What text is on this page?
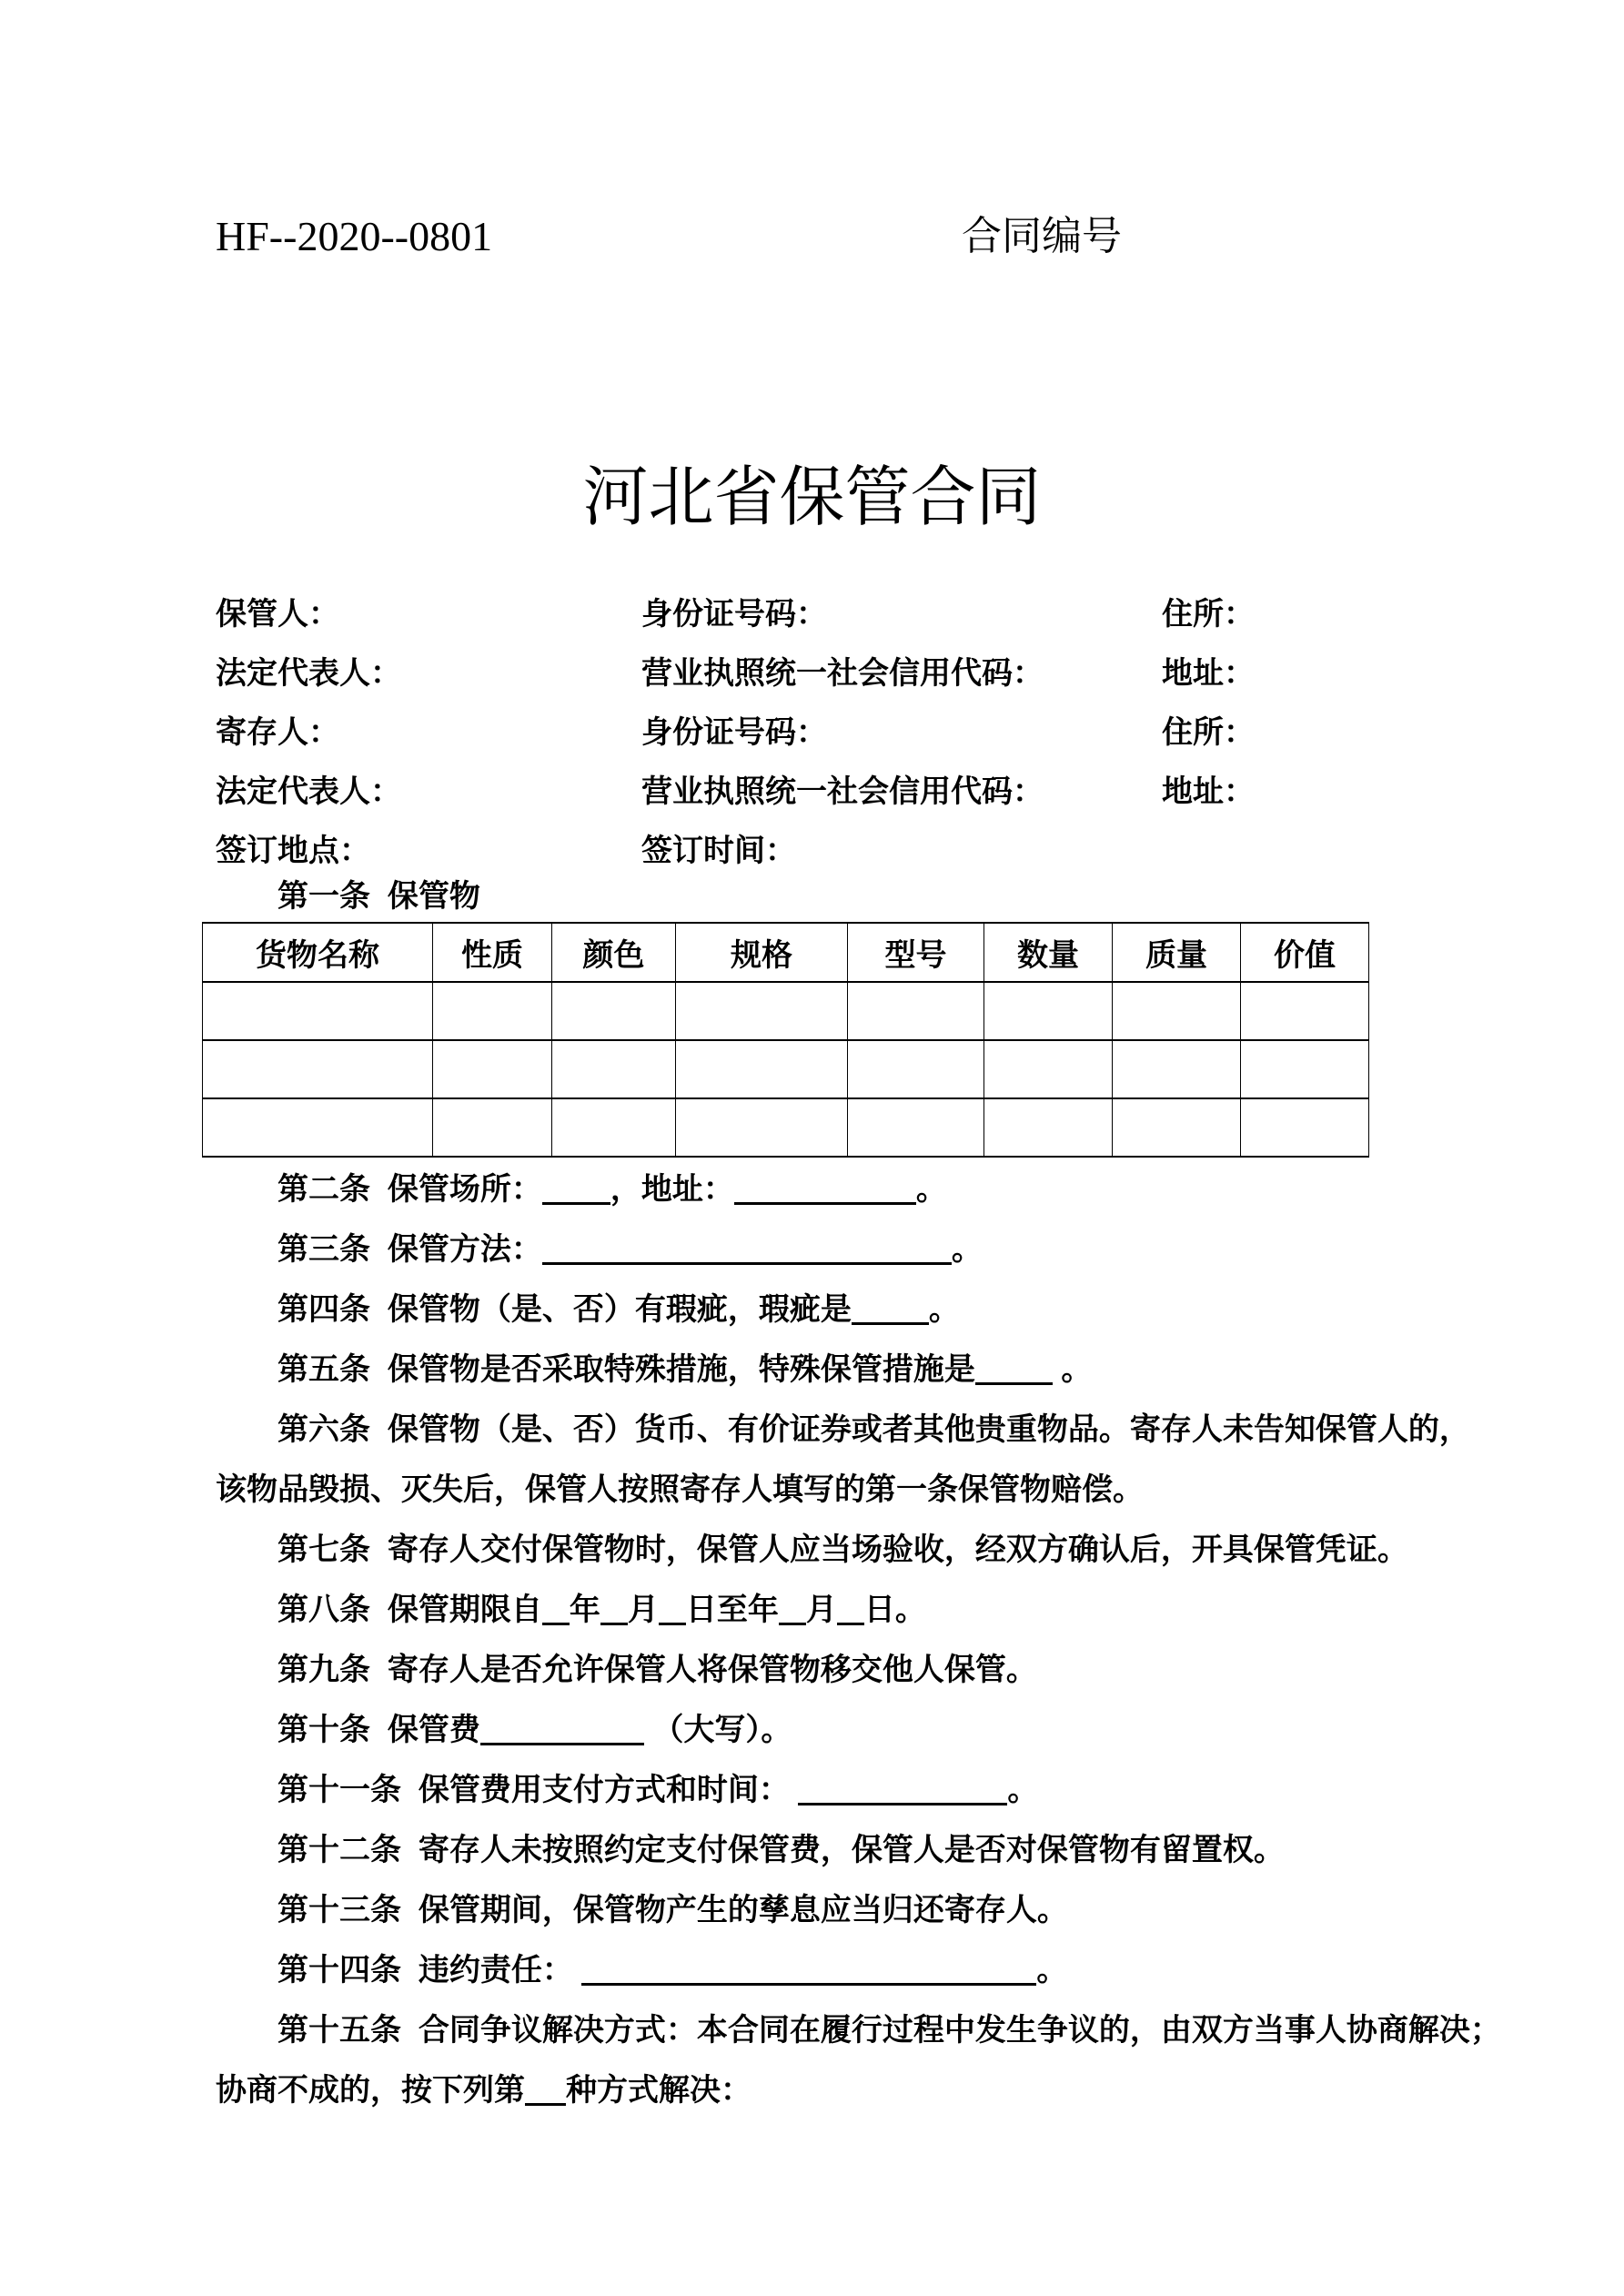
HF--2020--0801	合同编号
河北省保管合同
保管人：	身份证号码：	住所：
法定代表人：	营业执照统一社会信用代码：	地址：
寄存人：	身份证号码：	住所：
法定代表人：	营业执照统一社会信用代码：	地址：
签订地点：	签订时间：
第一条  保管物
货物名称	性质	颜色	规格	型号	数量	质量	价值

第二条  保管场所： ，地址：	。
第三条  保管方法：	。
第四条  保管物（是、否）有瑕疵，瑕疵是	。
第五条  保管物是否采取特殊措施，特殊保管措施是	。
第六条  保管物（是、否）货币、有价证券或者其他贵重物品。寄存人未告知保管人的，
该物品毁损、灭失后，保管人按照寄存人填写的第一条保管物赔偿。
第七条  寄存人交付保管物时，保管人应当场验收，经双方确认后，开具保管凭证。
第八条  保管期限自 年 月 日至年 月 日。
第九条  寄存人是否允许保管人将保管物移交他人保管。
第十条  保管费	（大写）。
第十一条  保管费用支付方式和时间：	。
第十二条  寄存人未按照约定支付保管费，保管人是否对保管物有留置权。
第十三条  保管期间，保管物产生的孳息应当归还寄存人。
第十四条  违约责任：	。
第十五条  合同争议解决方式：本合同在履行过程中发生争议的，由双方当事人协商解决；
协商不成的，按下列第 种方式解决：
